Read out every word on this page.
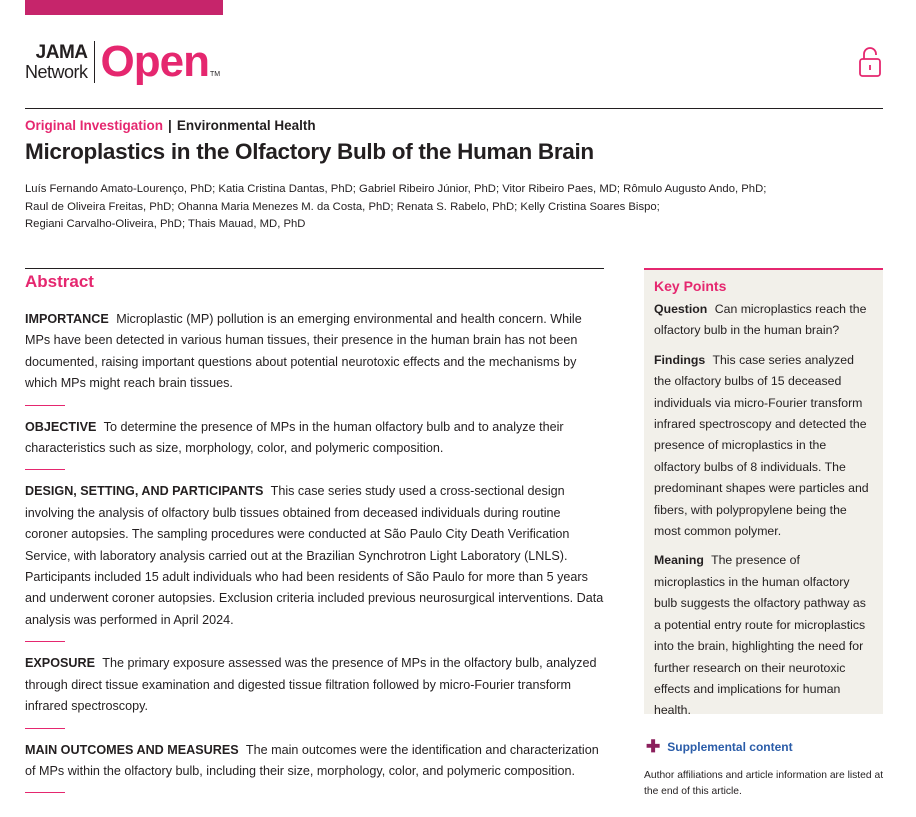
JAMA
Network Open TM
Original Investigation | Environmental Health
Microplastics in the Olfactory Bulb of the Human Brain
Luís Fernando Amato-Lourenço, PhD; Katia Cristina Dantas, PhD; Gabriel Ribeiro Júnior, PhD; Vitor Ribeiro Paes, MD; Rômulo Augusto Ando, PhD;
Raul de Oliveira Freitas, PhD; Ohanna Maria Menezes M. da Costa, PhD; Renata S. Rabelo, PhD; Kelly Cristina Soares Bispo;
Regiani Carvalho-Oliveira, PhD; Thais Mauad, MD, PhD
Abstract

IMPORTANCE Microplastic (MP) pollution is an emerging environmental and health concern. While MPs have been detected in various human tissues, their presence in the human brain has not been documented, raising important questions about potential neurotoxic effects and the mechanisms by which MPs might reach brain tissues.

OBJECTIVE To determine the presence of MPs in the human olfactory bulb and to analyze their characteristics such as size, morphology, color, and polymeric composition.

DESIGN, SETTING, AND PARTICIPANTS This case series study used a cross-sectional design involving the analysis of olfactory bulb tissues obtained from deceased individuals during routine coroner autopsies. The sampling procedures were conducted at São Paulo City Death Verification Service, with laboratory analysis carried out at the Brazilian Synchrotron Light Laboratory (LNLS). Participants included 15 adult individuals who had been residents of São Paulo for more than 5 years and underwent coroner autopsies. Exclusion criteria included previous neurosurgical interventions. Data analysis was performed in April 2024.

EXPOSURE The primary exposure assessed was the presence of MPs in the olfactory bulb, analyzed through direct tissue examination and digested tissue filtration followed by micro-Fourier transform infrared spectroscopy.

MAIN OUTCOMES AND MEASURES The main outcomes were the identification and characterization of MPs within the olfactory bulb, including their size, morphology, color, and polymeric composition.

Key Points

Question Can microplastics reach the olfactory bulb in the human brain?

Findings This case series analyzed the olfactory bulbs of 15 deceased individuals via micro-Fourier transform infrared spectroscopy and detected the presence of microplastics in the olfactory bulbs of 8 individuals. The predominant shapes were particles and fibers, with polypropylene being the most common polymer.

Meaning The presence of microplastics in the human olfactory bulb suggests the olfactory pathway as a potential entry route for microplastics into the brain, highlighting the need for further research on their neurotoxic effects and implications for human health.

✚ Supplemental content

Author affiliations and article information are listed at the end of this article.
